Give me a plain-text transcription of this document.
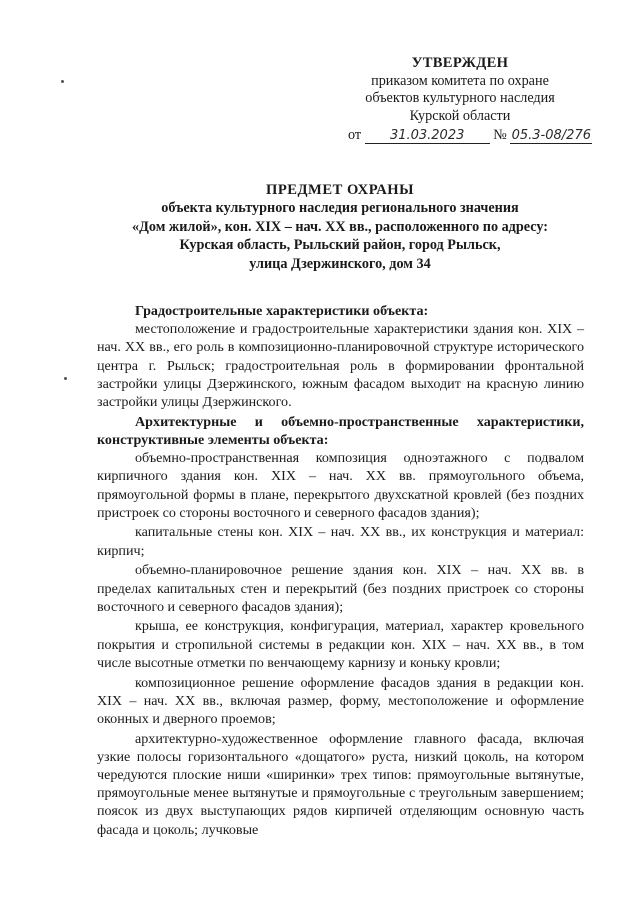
УТВЕРЖДЕН
приказом комитета по охране
объектов культурного наследия
Курской области
от 31.03.2023 № 05.3-08/276
ПРЕДМЕТ ОХРАНЫ
объекта культурного наследия регионального значения
«Дом жилой», кон. XIX – нач. XX вв., расположенного по адресу:
Курская область, Рыльский район, город Рыльск,
улица Дзержинского, дом 34

Градостроительные характеристики объекта:

местоположение и градостроительные характеристики здания кон. XIX – нач. XX вв., его роль в композиционно-планировочной структуре исторического центра г. Рыльск; градостроительная роль в формировании фронтальной застройки улицы Дзержинского, южным фасадом выходит на красную линию застройки улицы Дзержинского.

Архитектурные и объемно-пространственные характеристики, конструктивные элементы объекта:

объемно-пространственная композиция одноэтажного с подвалом кирпичного здания кон. XIX – нач. XX вв. прямоугольного объема, прямоугольной формы в плане, перекрытого двухскатной кровлей (без поздних пристроек со стороны восточного и северного фасадов здания);

капитальные стены кон. XIX – нач. XX вв., их конструкция и материал: кирпич;

объемно-планировочное решение здания кон. XIX – нач. XX вв. в пределах капитальных стен и перекрытий (без поздних пристроек со стороны восточного и северного фасадов здания);

крыша, ее конструкция, конфигурация, материал, характер кровельного покрытия и стропильной системы в редакции кон. XIX – нач. XX вв., в том числе высотные отметки по венчающему карнизу и коньку кровли;

композиционное решение оформление фасадов здания в редакции кон. XIX – нач. XX вв., включая размер, форму, местоположение и оформление оконных и дверного проемов;

архитектурно-художественное оформление главного фасада, включая узкие полосы горизонтального «дощатого» руста, низкий цоколь, на котором чередуются плоские ниши «ширинки» трех типов: прямоугольные вытянутые, прямоугольные менее вытянутые и прямоугольные с треугольным завершением; поясок из двух выступающих рядов кирпичей отделяющим основную часть фасада и цоколь; лучковые
